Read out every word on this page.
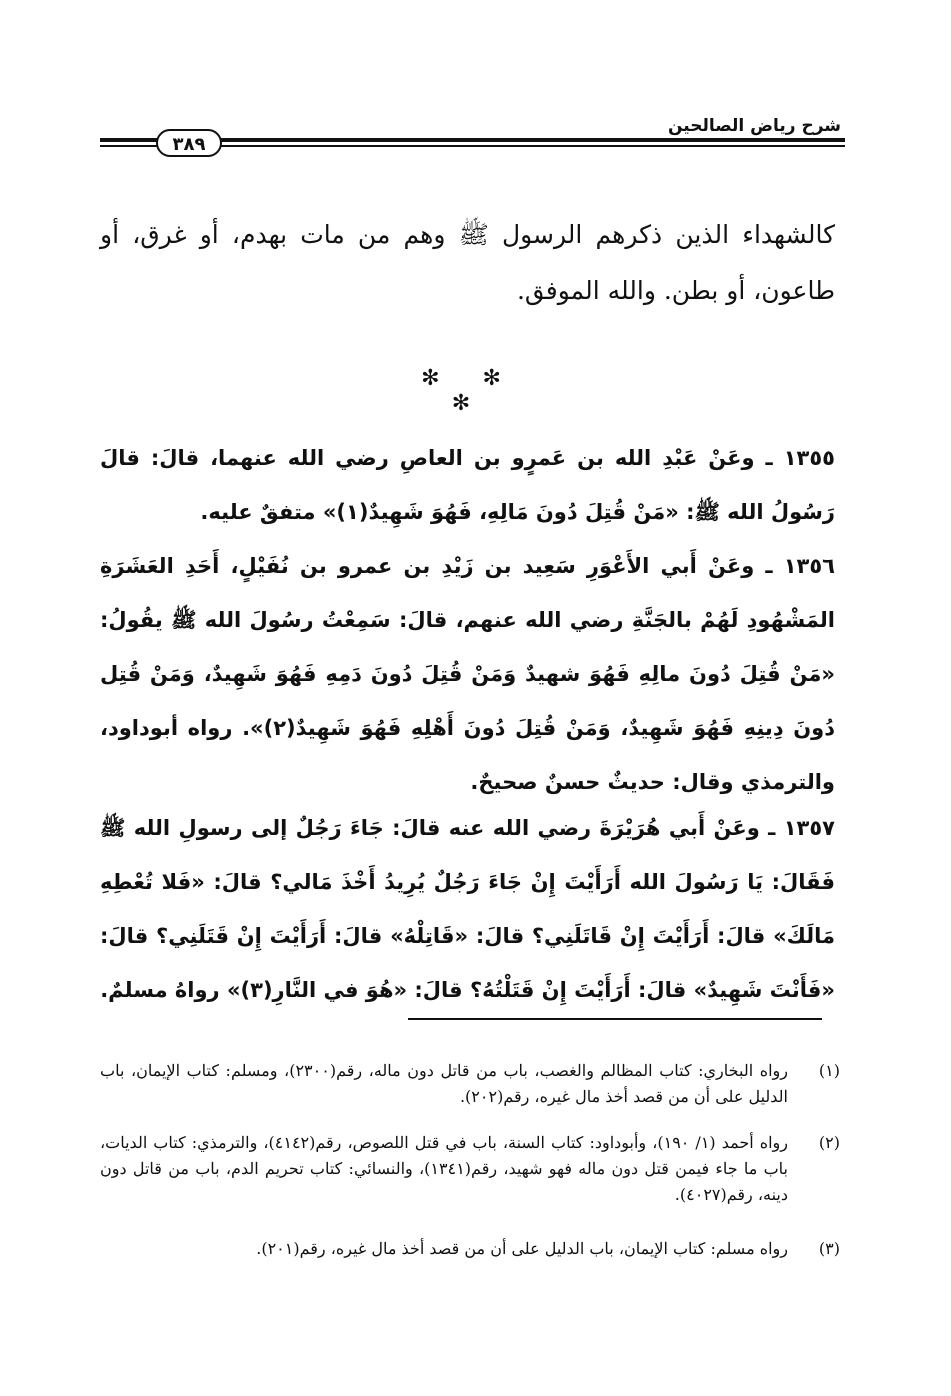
شرح رياض الصالحين
٣٨٩
كالشهداء الذين ذكرهم الرسول ﷺ وهم من مات بهدم، أو غرق، أو طاعون، أو بطن. والله الموفق.
✻ ✻ ✻
١٣٥٥ ـ وعَنْ عَبْدِ الله بن عَمرٍو بن العاصِ رضي الله عنهما، قالَ: قالَ رَسُولُ الله ﷺ: «مَنْ قُتِلَ دُونَ مَالِهِ، فَهُوَ شَهِيدٌ(١)» متفقٌ عليه.
١٣٥٦ ـ وعَنْ أَبي الأَعْوَرِ سَعِيد بن زَيْدِ بن عمرو بن نُفَيْلٍ، أَحَدِ العَشَرَةِ المَشْهُودِ لَهُمْ بالجَنَّةِ رضي الله عنهم، قالَ: سَمِعْتُ رسُولَ الله ﷺ يقُولُ: «مَنْ قُتِلَ دُونَ مالِهِ فَهُوَ شهيدٌ وَمَنْ قُتِلَ دُونَ دَمِهِ فَهُوَ شَهِيدٌ، وَمَنْ قُتِل دُونَ دِينِهِ فَهُوَ شَهِيدٌ، وَمَنْ قُتِلَ دُونَ أَهْلِهِ فَهُوَ شَهِيدٌ(٢)». رواه أبوداود، والترمذي وقال: حديثٌ حسنٌ صحيحٌ.
١٣٥٧ ـ وعَنْ أَبي هُرَيْرَةَ رضي الله عنه قالَ: جَاءَ رَجُلٌ إلى رسولِ الله ﷺ فَقَالَ: يَا رَسُولَ الله أَرَأَيْتَ إِنْ جَاءَ رَجُلٌ يُرِيدُ أَخْذَ مَالي؟ قالَ: «فَلا تُعْطِهِ مَالَكَ» قالَ: أَرَأَيْتَ إِنْ قَاتَلَنِي؟ قالَ: «قَاتِلْهُ» قالَ: أَرَأَيْتَ إِنْ قَتَلَنِي؟ قالَ: «فَأَنْتَ شَهِيدٌ» قالَ: أَرَأَيْتَ إِنْ قَتَلْتُهُ؟ قالَ: «هُوَ في النَّارِ(٣)» رواهُ مسلمٌ.
(١)
رواه البخاري: كتاب المظالم والغصب، باب من قاتل دون ماله، رقم(٢٣٠٠)، ومسلم: كتاب الإيمان، باب الدليل على أن من قصد أخذ مال غيره، رقم(٢٠٢).
(٢)
رواه أحمد (١/ ١٩٠)، وأبوداود: كتاب السنة، باب في قتل اللصوص، رقم(٤١٤٢)، والترمذي: كتاب الديات، باب ما جاء فيمن قتل دون ماله فهو شهيد، رقم(١٣٤١)، والنسائي: كتاب تحريم الدم، باب من قاتل دون دينه، رقم(٤٠٢٧).
(٣)
رواه مسلم: كتاب الإيمان، باب الدليل على أن من قصد أخذ مال غيره، رقم(٢٠١).
